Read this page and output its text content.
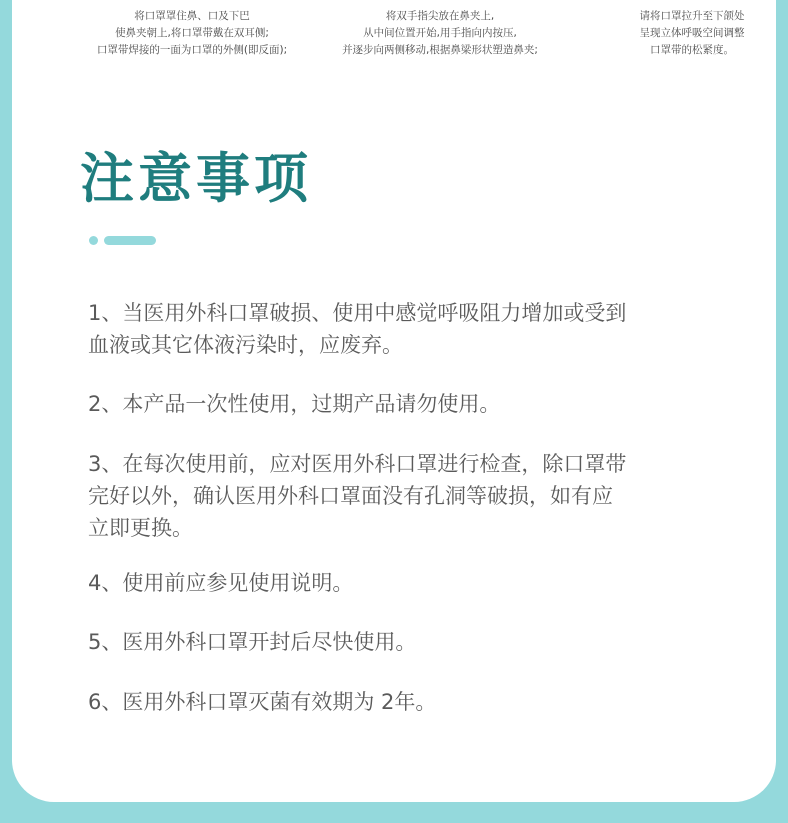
将口罩罩住鼻、口及下巴
使鼻夹朝上,将口罩带戴在双耳侧;
口罩带焊接的一面为口罩的外侧(即反面);
将双手指尖放在鼻夹上,
从中间位置开始,用手指向内按压,
并逐步向两侧移动,根据鼻梁形状塑造鼻夹;
请将口罩拉升至下颌处
呈现立体呼吸空间调整
口罩带的松紧度。
注意事项
1、当医用外科口罩破损、使用中感觉呼吸阻力增加或受到
血液或其它体液污染时，应废弃。
2、本产品一次性使用，过期产品请勿使用。
3、在每次使用前，应对医用外科口罩进行检查，除口罩带
完好以外，确认医用外科口罩面没有孔洞等破损，如有应
立即更换。
4、使用前应参见使用说明。
5、医用外科口罩开封后尽快使用。
6、医用外科口罩灭菌有效期为 2年。
